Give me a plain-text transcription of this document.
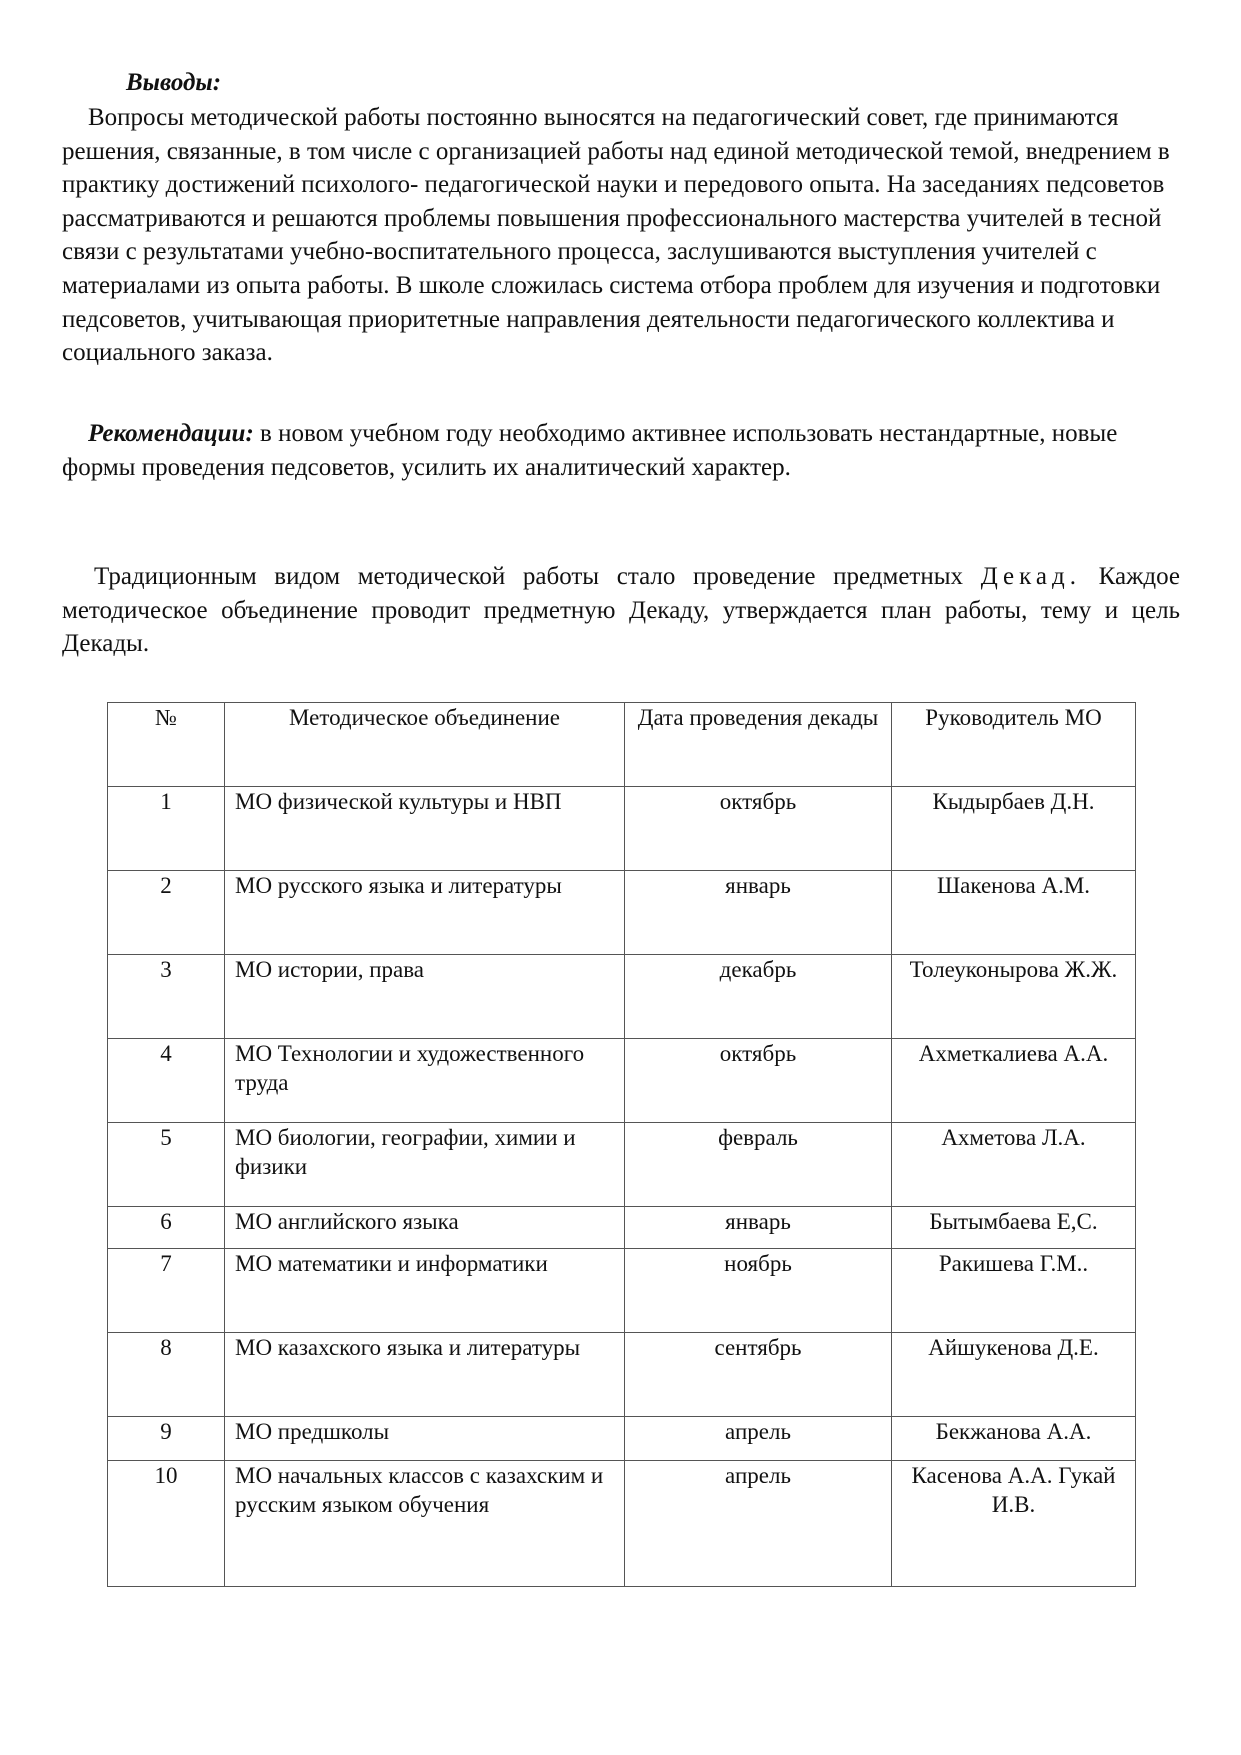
Выводы:

Вопросы методической работы постоянно выносятся на педагогический совет, где принимаются решения, связанные, в том числе с организацией работы над единой методической темой, внедрением в практику достижений психолого- педагогической науки и передового опыта. На заседаниях педсоветов рассматриваются и решаются проблемы повышения профессионального мастерства учителей в тесной связи с результатами учебно-воспитательного процесса, заслушиваются выступления учителей с материалами из опыта работы. В школе сложилась система отбора проблем для изучения и подготовки педсоветов, учитывающая приоритетные направления деятельности педагогического коллектива и социального заказа.

Рекомендации: в новом учебном году необходимо активнее использовать нестандартные, новые формы проведения педсоветов, усилить их аналитический характер.

Традиционным видом методической работы стало проведение предметных Декад. Каждое методическое объединение проводит предметную Декаду, утверждается план работы, тему и цель Декады.

№	Методическое объединение	Дата проведения декады	Руководитель МО
1	МО физической культуры и НВП	октябрь	Кыдырбаев Д.Н.
2	МО русского языка и литературы	январь	Шакенова А.М.
3	МО истории, права	декабрь	Толеуконырова Ж.Ж.
4	МО Технологии и художественного труда	октябрь	Ахметкалиева А.А.
5	МО биологии, географии, химии и физики	февраль	Ахметова Л.А.
6	МО английского языка	январь	Бытымбаева Е,С.
7	МО математики и информатики	ноябрь	Ракишева Г.М..
8	МО казахского языка и литературы	сентябрь	Айшукенова Д.Е.
9	МО предшколы	апрель	Бекжанова А.А.
10	МО начальных классов с казахским и русским языком обучения	апрель	Касенова А.А. Гукай И.В.
